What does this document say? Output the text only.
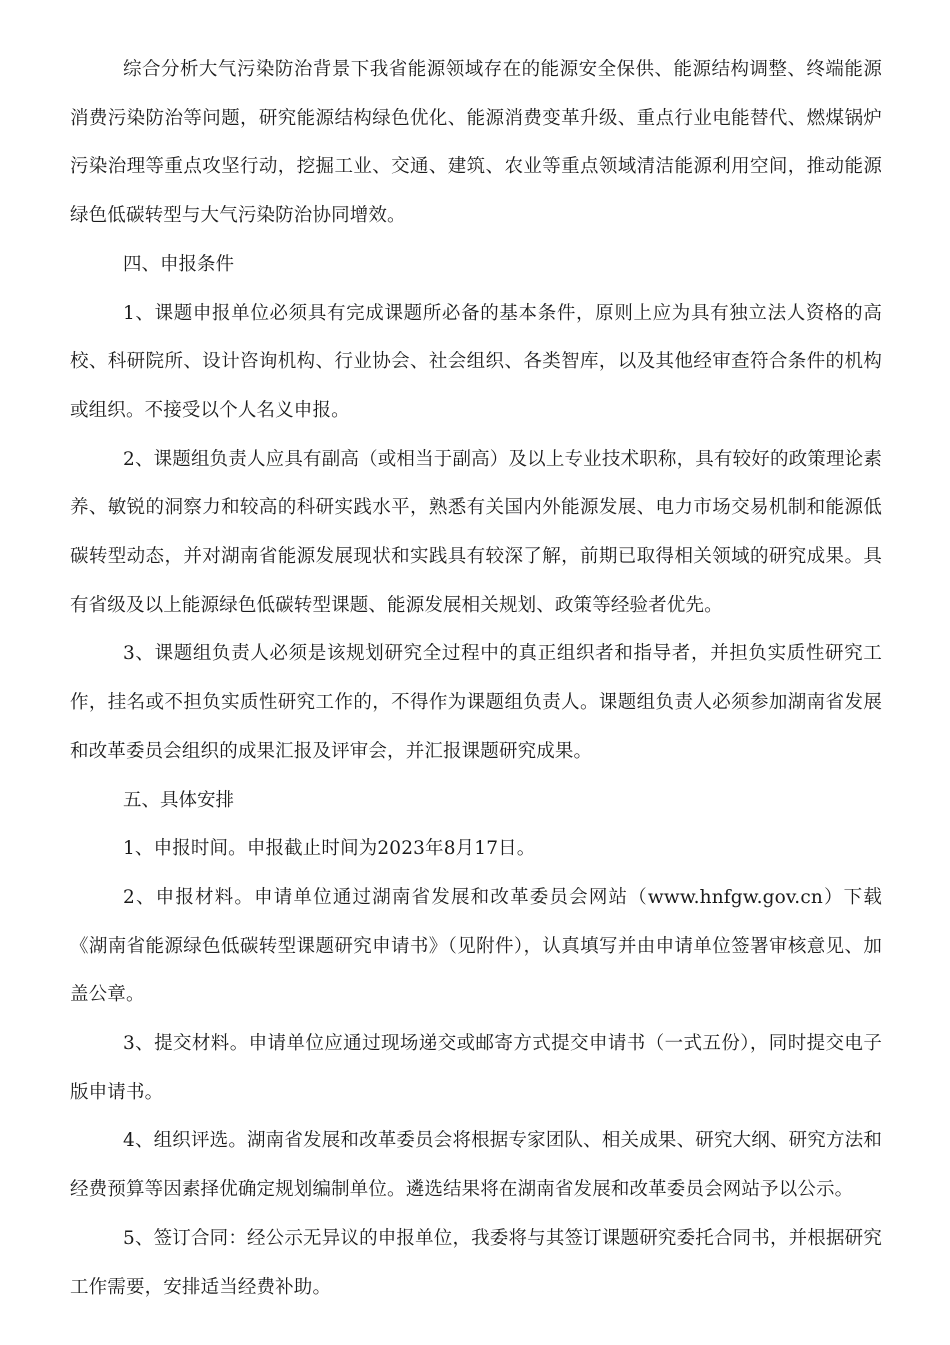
综合分析大气污染防治背景下我省能源领域存在的能源安全保供、能源结构调整、终端能源消费污染防治等问题，研究能源结构绿色优化、能源消费变革升级、重点行业电能替代、燃煤锅炉污染治理等重点攻坚行动，挖掘工业、交通、建筑、农业等重点领域清洁能源利用空间，推动能源绿色低碳转型与大气污染防治协同增效。

四、申报条件

1、课题申报单位必须具有完成课题所必备的基本条件，原则上应为具有独立法人资格的高校、科研院所、设计咨询机构、行业协会、社会组织、各类智库，以及其他经审查符合条件的机构或组织。不接受以个人名义申报。

2、课题组负责人应具有副高（或相当于副高）及以上专业技术职称，具有较好的政策理论素养、敏锐的洞察力和较高的科研实践水平，熟悉有关国内外能源发展、电力市场交易机制和能源低碳转型动态，并对湖南省能源发展现状和实践具有较深了解，前期已取得相关领域的研究成果。具有省级及以上能源绿色低碳转型课题、能源发展相关规划、政策等经验者优先。

3、课题组负责人必须是该规划研究全过程中的真正组织者和指导者，并担负实质性研究工作，挂名或不担负实质性研究工作的，不得作为课题组负责人。课题组负责人必须参加湖南省发展和改革委员会组织的成果汇报及评审会，并汇报课题研究成果。

五、具体安排

1、申报时间。申报截止时间为2023年8月17日。

2、申报材料。申请单位通过湖南省发展和改革委员会网站（www.hnfgw.gov.cn）下载《湖南省能源绿色低碳转型课题研究申请书》（见附件），认真填写并由申请单位签署审核意见、加盖公章。

3、提交材料。申请单位应通过现场递交或邮寄方式提交申请书（一式五份），同时提交电子版申请书。

4、组织评选。湖南省发展和改革委员会将根据专家团队、相关成果、研究大纲、研究方法和经费预算等因素择优确定规划编制单位。遴选结果将在湖南省发展和改革委员会网站予以公示。

5、签订合同：经公示无异议的申报单位，我委将与其签订课题研究委托合同书，并根据研究工作需要，安排适当经费补助。
